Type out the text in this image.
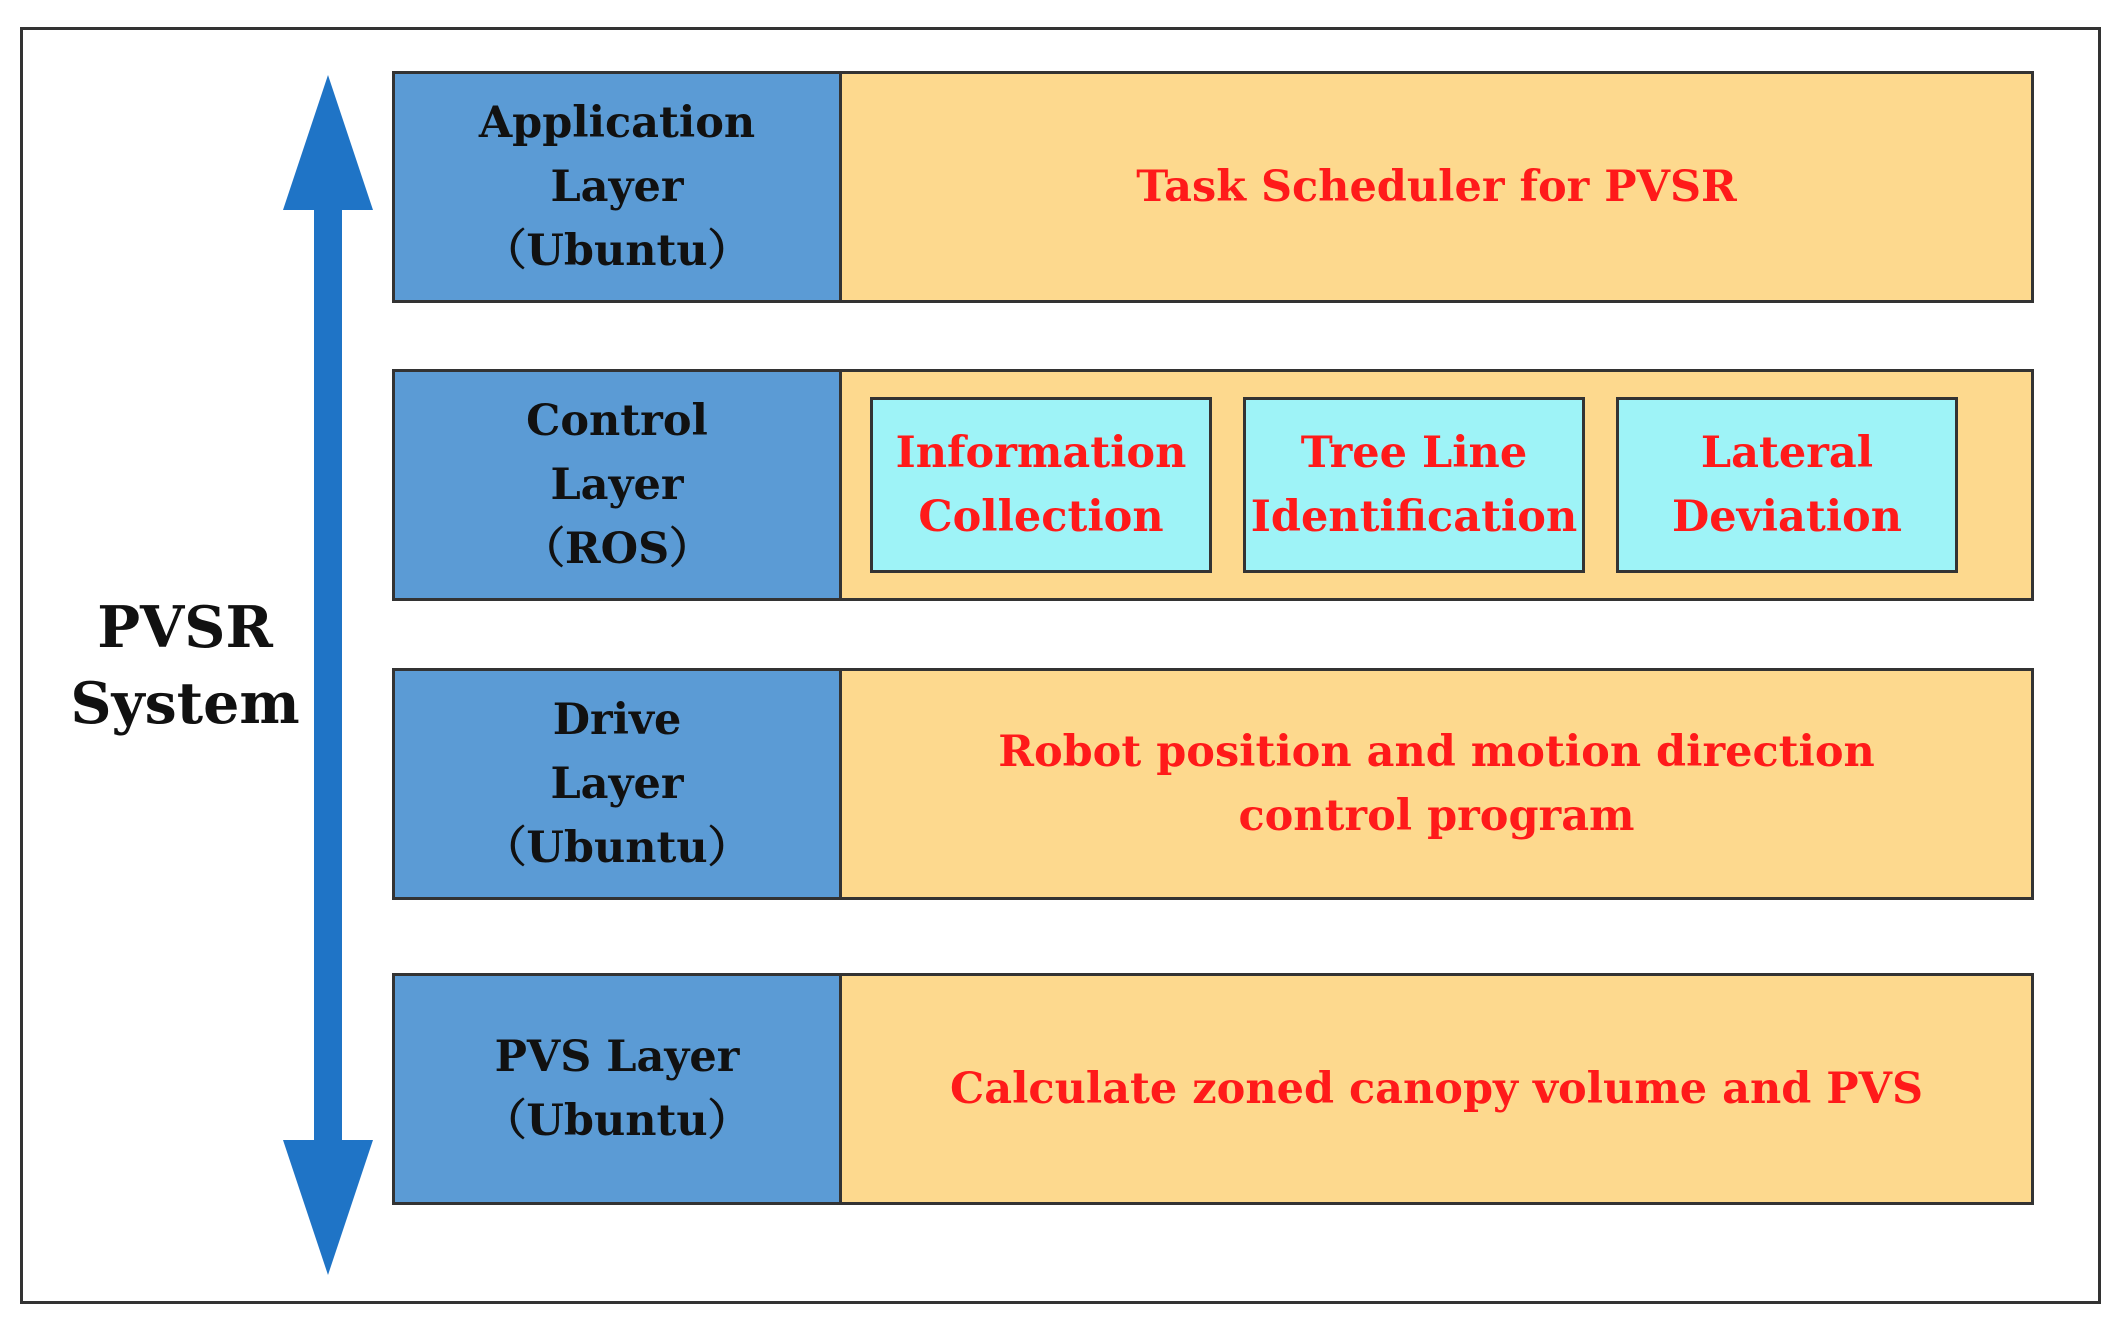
PVSR
System
Application
Layer
（Ubuntu）
Task Scheduler for PVSR
Control
Layer
（ROS）
Information
Collection
Tree Line
Identification
Lateral
Deviation
Drive
Layer
（Ubuntu）
Robot position and motion direction control program
PVS Layer
（Ubuntu）
Calculate zoned canopy volume and PVS
